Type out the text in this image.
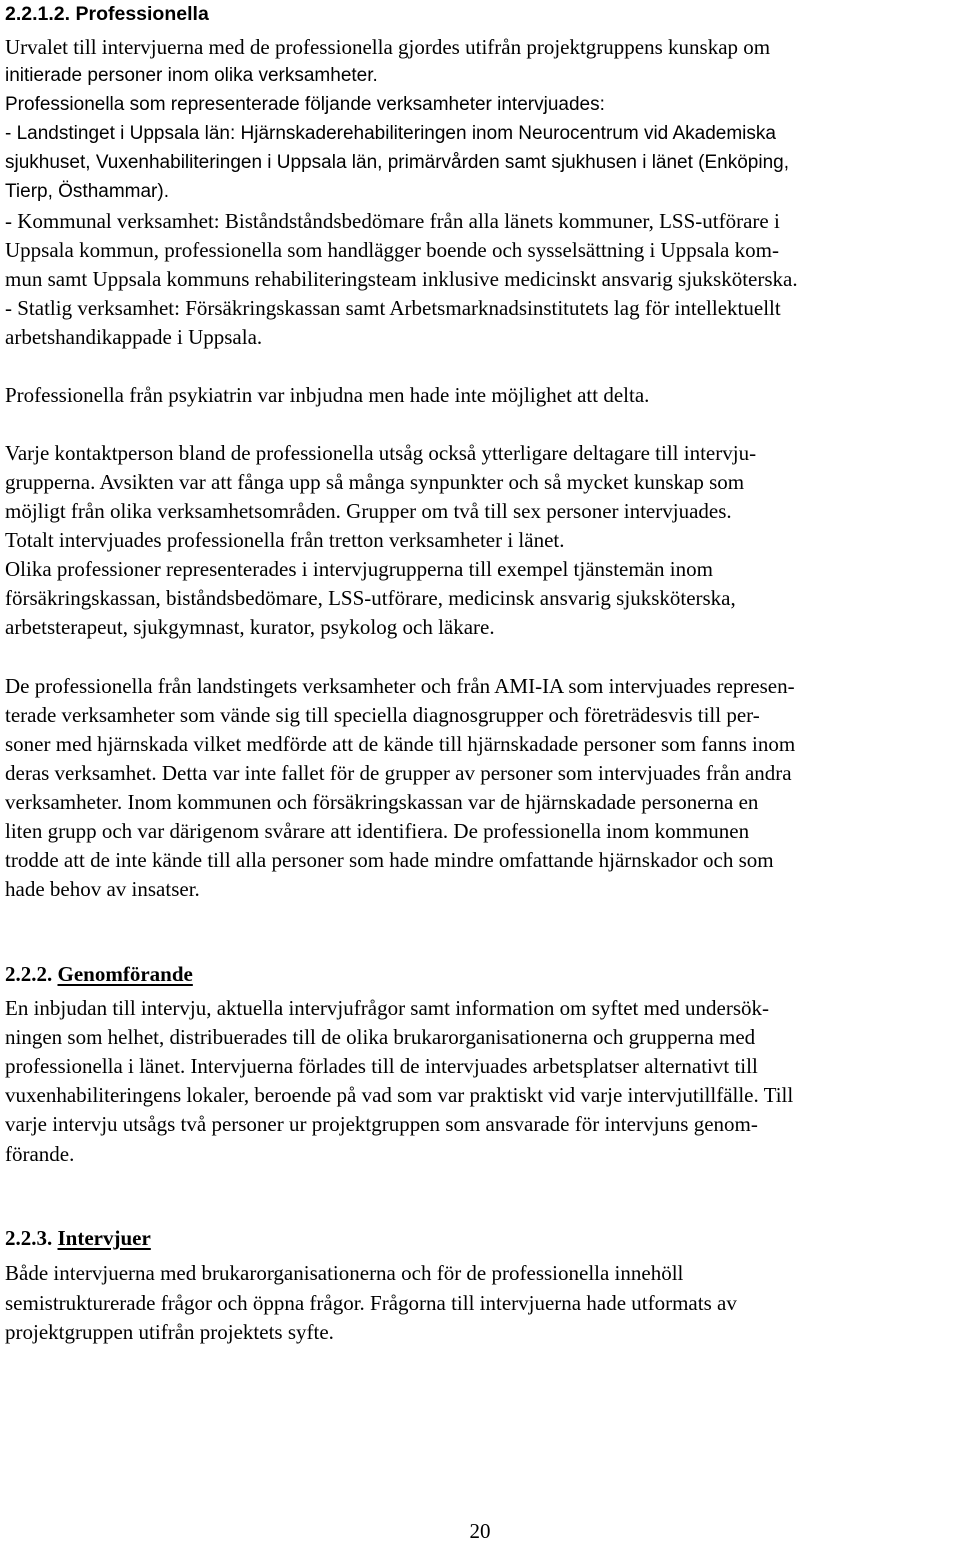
2.2.1.2. Professionella
Urvalet till intervjuerna med de professionella gjordes utifrån projektgruppens kunskap om
initierade personer inom olika verksamheter.
Professionella som representerade följande verksamheter intervjuades:
- Landstinget i Uppsala län: Hjärnskaderehabiliteringen inom Neurocentrum vid Akademiska
sjukhuset, Vuxenhabiliteringen i Uppsala län, primärvården samt sjukhusen i länet (Enköping,
Tierp, Östhammar).
- Kommunal verksamhet: Biståndståndsbedömare från alla länets kommuner, LSS-utförare i
Uppsala kommun, professionella som handlägger boende och sysselsättning i Uppsala kom-
mun samt Uppsala kommuns rehabiliteringsteam inklusive medicinskt ansvarig sjuksköterska.
- Statlig verksamhet: Försäkringskassan samt Arbetsmarknadsinstitutets lag för intellektuellt
arbetshandikappade i Uppsala.
Professionella från psykiatrin var inbjudna men hade inte möjlighet att delta.
Varje kontaktperson bland de professionella utsåg också ytterligare deltagare till intervju-
grupperna. Avsikten var att fånga upp så många synpunkter och så mycket kunskap som
möjligt från olika verksamhetsområden. Grupper om två till sex personer intervjuades.
Totalt intervjuades professionella från tretton verksamheter i länet.
Olika professioner representerades i intervjugrupperna till exempel tjänstemän inom
försäkringskassan, biståndsbedömare, LSS-utförare, medicinsk ansvarig sjuksköterska,
arbetsterapeut, sjukgymnast, kurator, psykolog och läkare.
De professionella från landstingets verksamheter och från AMI-IA som intervjuades represen-
terade verksamheter som vände sig till speciella diagnosgrupper och företrädesvis till per-
soner med hjärnskada vilket medförde att de kände till hjärnskadade personer som fanns inom
deras verksamhet. Detta var inte fallet för de grupper av personer som intervjuades från andra
verksamheter. Inom kommunen och försäkringskassan var de hjärnskadade personerna en
liten grupp och var därigenom svårare att identifiera. De professionella inom kommunen
trodde att de inte kände till alla personer som hade mindre omfattande hjärnskador och som
hade behov av insatser.
2.2.2. Genomförande
En inbjudan till intervju, aktuella intervjufrågor samt information om syftet med undersök-
ningen som helhet, distribuerades till de olika brukarorganisationerna och grupperna med
professionella i länet. Intervjuerna förlades till de intervjuades arbetsplatser alternativt till
vuxenhabiliteringens lokaler, beroende på vad som var praktiskt vid varje intervjutillfälle. Till
varje intervju utsågs två personer ur projektgruppen som ansvarade för intervjuns genom-
förande.
2.2.3. Intervjuer
Både intervjuerna med brukarorganisationerna och för de professionella innehöll
semistrukturerade frågor och öppna frågor. Frågorna till intervjuerna hade utformats av
projektgruppen utifrån projektets syfte.
20
